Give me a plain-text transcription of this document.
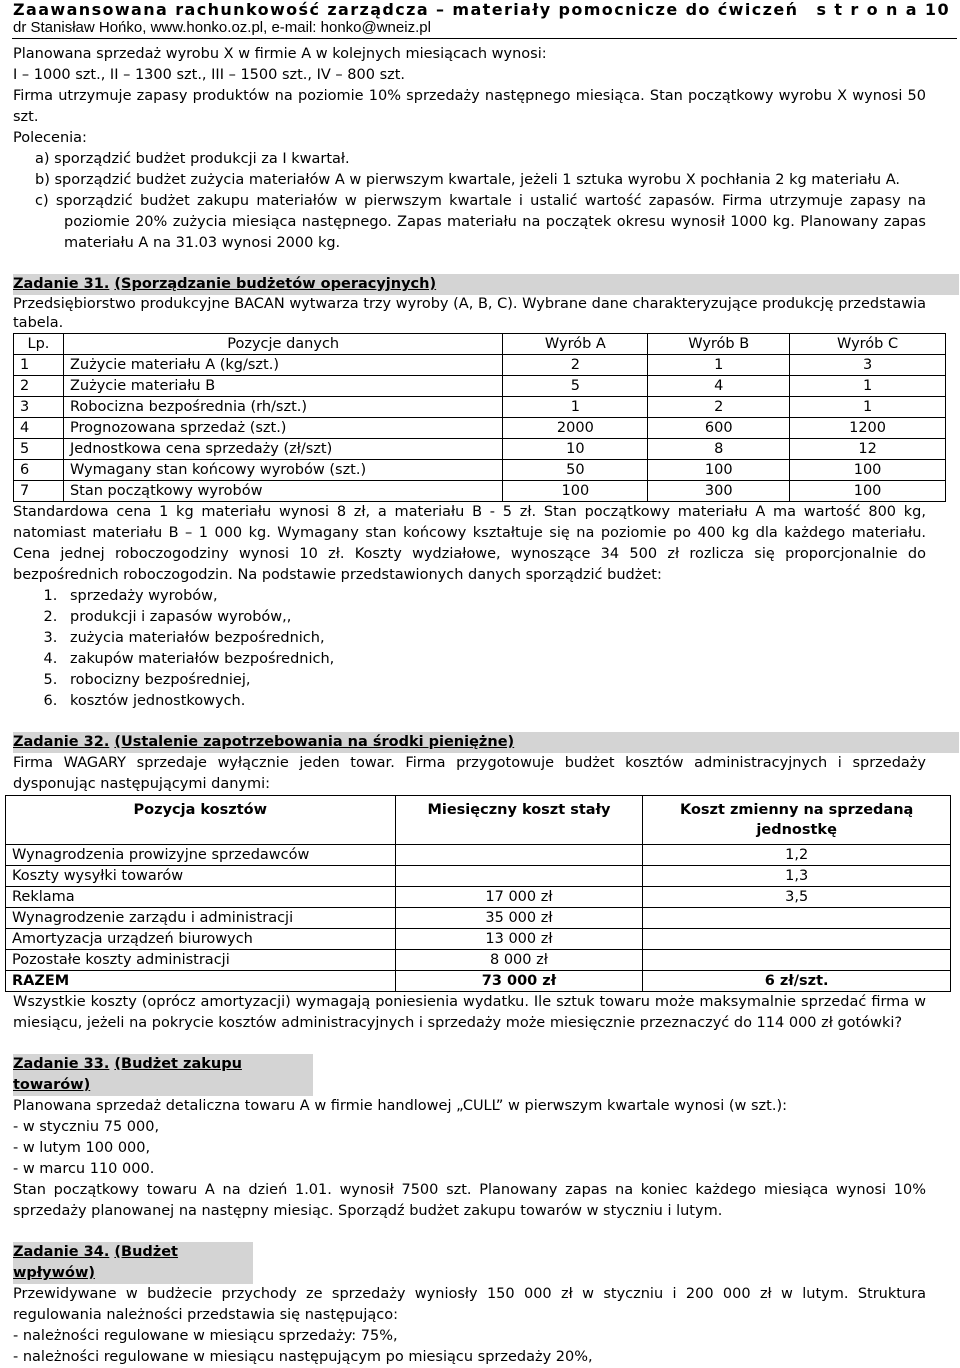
Zaawansowana rachunkowość zarządcza – materiały pomocnicze do ćwiczeń s t r o n a 10
dr Stanisław Hońko, www.honko.oz.pl, e-mail: honko@wneiz.pl

Planowana sprzedaż wyrobu X w firmie A w kolejnych miesiącach wynosi:

I – 1000 szt., II – 1300 szt., III – 1500 szt., IV – 800 szt.

Firma utrzymuje zapasy produktów na poziomie 10% sprzedaży następnego miesiąca. Stan początkowy wyrobu X wynosi 50 szt.

Polecenia:

a) sporządzić budżet produkcji za I kwartał.

b) sporządzić budżet zużycia materiałów A w pierwszym kwartale, jeżeli 1 sztuka wyrobu X pochłania 2 kg materiału A.

c) sporządzić budżet zakupu materiałów w pierwszym kwartale i ustalić wartość zapasów. Firma utrzymuje zapasy na poziomie 20% zużycia miesiąca następnego. Zapas materiału na początek okresu wynosił 1000 kg. Planowany zapas materiału A na 31.03 wynosi 2000 kg.

Zadanie 31. (Sporządzanie budżetów operacyjnych)

Przedsiębiorstwo produkcyjne BACAN wytwarza trzy wyroby (A, B, C). Wybrane dane charakteryzujące produkcję przedstawia tabela.

Lp.	Pozycje danych	Wyrób A	Wyrób B	Wyrób C
1	Zużycie materiału A (kg/szt.)	2	1	3
2	Zużycie materiału B	5	4	1
3	Robocizna bezpośrednia (rh/szt.)	1	2	1
4	Prognozowana sprzedaż (szt.)	2000	600	1200
5	Jednostkowa cena sprzedaży (zł/szt)	10	8	12
6	Wymagany stan końcowy wyrobów (szt.)	50	100	100
7	Stan początkowy wyrobów	100	300	100

Standardowa cena 1 kg materiału wynosi 8 zł, a materiału B - 5 zł. Stan początkowy materiału A ma wartość 800 kg, natomiast materiału B – 1 000 kg. Wymagany stan końcowy kształtuje się na poziomie po 400 kg dla każdego materiału. Cena jednej roboczogodziny wynosi 10 zł. Koszty wydziałowe, wynoszące 34 500 zł rozlicza się proporcjonalnie do bezpośrednich roboczogodzin. Na podstawie przedstawionych danych sporządzić budżet:

1. sprzedaży wyrobów,
2. produkcji i zapasów wyrobów,,
3. zużycia materiałów bezpośrednich,
4. zakupów materiałów bezpośrednich,
5. robocizny bezpośredniej,
6. kosztów jednostkowych.

Zadanie 32. (Ustalenie zapotrzebowania na środki pieniężne)

Firma WAGARY sprzedaje wyłącznie jeden towar. Firma przygotowuje budżet kosztów administracyjnych i sprzedaży dysponując następującymi danymi:

Pozycja kosztów	Miesięczny koszt stały	Koszt zmienny na sprzedaną jednostkę
Wynagrodzenia prowizyjne sprzedawców		1,2
Koszty wysyłki towarów		1,3
Reklama	17 000 zł	3,5
Wynagrodzenie zarządu i administracji	35 000 zł	
Amortyzacja urządzeń biurowych	13 000 zł	
Pozostałe koszty administracji	8 000 zł	
RAZEM	73 000 zł	6 zł/szt.

Wszystkie koszty (oprócz amortyzacji) wymagają poniesienia wydatku. Ile sztuk towaru może maksymalnie sprzedać firma w miesiącu, jeżeli na pokrycie kosztów administracyjnych i sprzedaży może miesięcznie przeznaczyć do 114 000 zł gotówki?

Zadanie 33. (Budżet zakupu towarów)

Planowana sprzedaż detaliczna towaru A w firmie handlowej „CULL” w pierwszym kwartale wynosi (w szt.):

- w styczniu 75 000,

- w lutym 100 000,

- w marcu 110 000.

Stan początkowy towaru A na dzień 1.01. wynosił 7500 szt. Planowany zapas na koniec każdego miesiąca wynosi 10% sprzedaży planowanej na następny miesiąc. Sporządź budżet zakupu towarów w styczniu i lutym.

Zadanie 34. (Budżet wpływów)

Przewidywane w budżecie przychody ze sprzedaży wyniosły 150 000 zł w styczniu i 200 000 zł w lutym. Struktura regulowania należności przedstawia się następująco:

- należności regulowane w miesiącu sprzedaży: 75%,

- należności regulowane w miesiącu następującym po miesiącu sprzedaży 20%,
